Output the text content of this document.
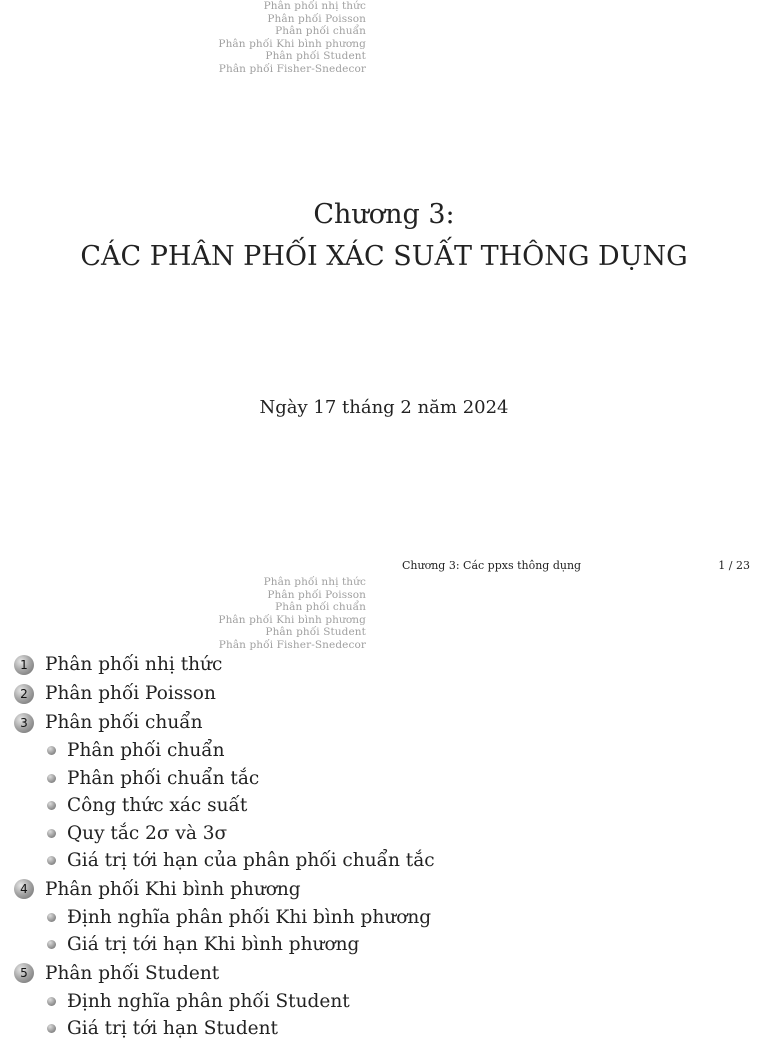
Phân phối nhị thức
Phân phối Poisson
Phân phối chuẩn
Phân phối Khi bình phương
Phân phối Student
Phân phối Fisher-Snedecor
Chương 3:
CÁC PHÂN PHỐI XÁC SUẤT THÔNG DỤNG
Ngày 17 tháng 2 năm 2024
Chương 3: Các ppxs thông dụng	1 / 23
Phân phối nhị thức
Phân phối Poisson
Phân phối chuẩn
Phân phối Khi bình phương
Phân phối Student
Phân phối Fisher-Snedecor
1 Phân phối nhị thức
2 Phân phối Poisson
3 Phân phối chuẩn
Phân phối chuẩn
Phân phối chuẩn tắc
Công thức xác suất
Quy tắc 2σ và 3σ
Giá trị tới hạn của phân phối chuẩn tắc
4 Phân phối Khi bình phương
Định nghĩa phân phối Khi bình phương
Giá trị tới hạn Khi bình phương
5 Phân phối Student
Định nghĩa phân phối Student
Giá trị tới hạn Student
